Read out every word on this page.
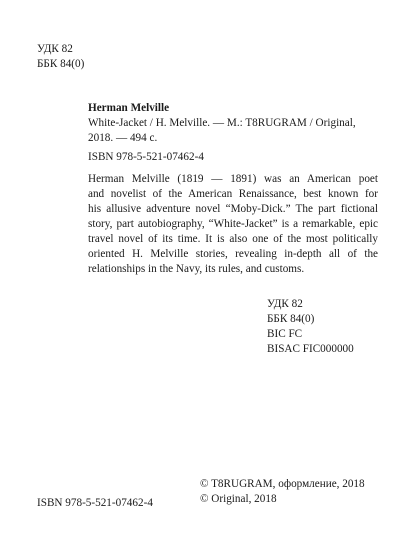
УДК 82
ББК 84(0)
Herman Melville
White-Jacket / H. Melville. — M.: T8RUGRAM / Original,
2018. — 494 с.
ISBN 978-5-521-07462-4
Herman Melville (1819 — 1891) was an American poet
and novelist of the American Renaissance, best known for
his allusive adventure novel “Moby-Dick.” The part fictional
story, part autobiography, “White-Jacket” is a remarkable, epic
travel novel of its time. It is also one of the most politically
oriented H. Melville stories, revealing in-depth all of the
relationships in the Navy, its rules, and customs.
УДК 82
ББК 84(0)
BIC FC
BISAC FIC000000
ISBN 978-5-521-07462-4
© T8RUGRAM, оформление, 2018
© Original, 2018
